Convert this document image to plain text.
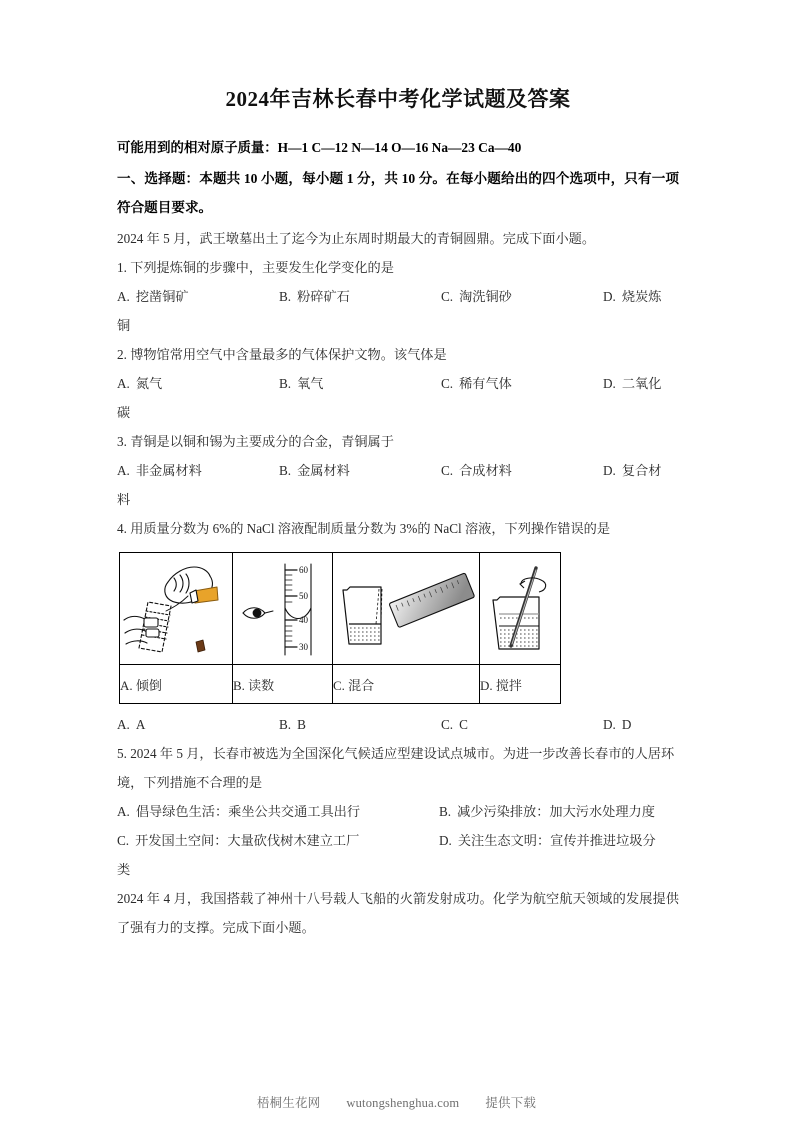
2024年吉林长春中考化学试题及答案
可能用到的相对原子质量：H—1 C—12 N—14 O—16 Na—23 Ca—40
一、选择题：本题共 10 小题，每小题 1 分，共 10 分。在每小题给出的四个选项中，只有一项符合题目要求。
2024 年 5 月，武王墩墓出土了迄今为止东周时期最大的青铜圆鼎。完成下面小题。
1. 下列提炼铜的步骤中，主要发生化学变化的是
A. 挖凿铜矿	B. 粉碎矿石	C. 淘洗铜砂	D. 烧炭炼
铜
2. 博物馆常用空气中含量最多的气体保护文物。该气体是
A. 氮气	B. 氧气	C. 稀有气体	D. 二氧化
碳
3. 青铜是以铜和锡为主要成分的合金，青铜属于
A. 非金属材料	B. 金属材料	C. 合成材料	D. 复合材
料
4. 用质量分数为 6%的 NaCl 溶液配制质量分数为 3%的 NaCl 溶液，下列操作错误的是

60
50
40
30

A. 倾倒	B. 读数	C. 混合	D. 搅拌
A. A	B. B	C. C	D. D
5. 2024 年 5 月，长春市被选为全国深化气候适应型建设试点城市。为进一步改善长春市的人居环境，下列措施不合理的是
A. 倡导绿色生活：乘坐公共交通工具出行	B. 减少污染排放：加大污水处理力度
C. 开发国土空间：大量砍伐树木建立工厂	D. 关注生态文明：宣传并推进垃圾分
类
2024 年 4 月，我国搭载了神州十八号载人飞船的火箭发射成功。化学为航空航天领域的发展提供了强有力的支撑。完成下面小题。
梧桐生花网 wutongshenghua.com 提供下载
